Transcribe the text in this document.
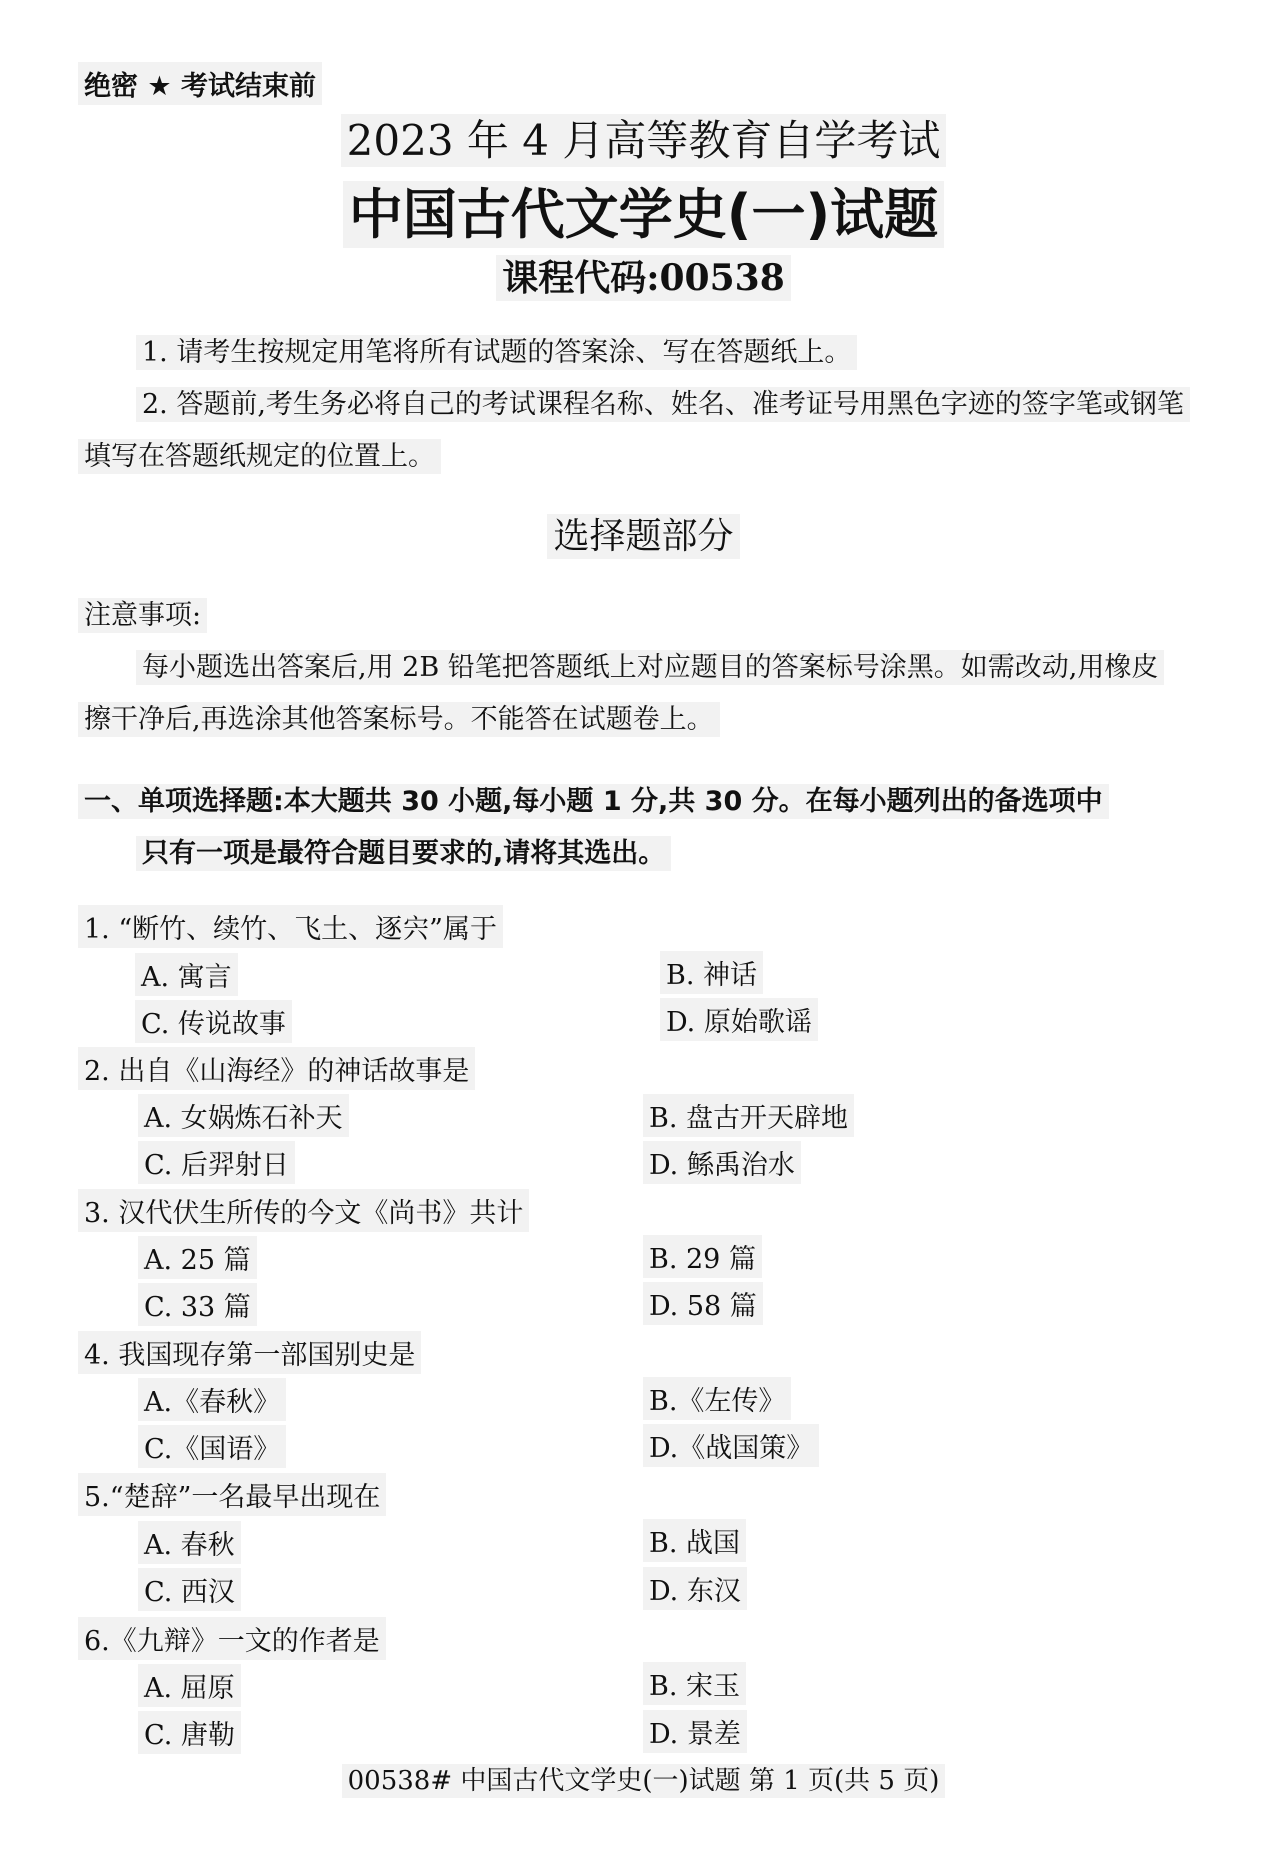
绝密 ★ 考试结束前
2023 年 4 月高等教育自学考试
中国古代文学史(一)试题
课程代码:00538
1. 请考生按规定用笔将所有试题的答案涂、写在答题纸上。
2. 答题前,考生务必将自己的考试课程名称、姓名、准考证号用黑色字迹的签字笔或钢笔
填写在答题纸规定的位置上。
选择题部分
注意事项:
每小题选出答案后,用 2B 铅笔把答题纸上对应题目的答案标号涂黑。如需改动,用橡皮
擦干净后,再选涂其他答案标号。不能答在试题卷上。
一、单项选择题:本大题共 30 小题,每小题 1 分,共 30 分。在每小题列出的备选项中
只有一项是最符合题目要求的,请将其选出。
1. “断竹、续竹、飞土、逐宍”属于
A. 寓言	B. 神话
C. 传说故事	D. 原始歌谣
2. 出自《山海经》的神话故事是
A. 女娲炼石补天	B. 盘古开天辟地
C. 后羿射日	D. 鲧禹治水
3. 汉代伏生所传的今文《尚书》共计
A. 25 篇	B. 29 篇
C. 33 篇	D. 58 篇
4. 我国现存第一部国别史是
A.《春秋》	B.《左传》
C.《国语》	D.《战国策》
5.“楚辞”一名最早出现在
A. 春秋	B. 战国
C. 西汉	D. 东汉
6.《九辩》一文的作者是
A. 屈原	B. 宋玉
C. 唐勒	D. 景差
00538# 中国古代文学史(一)试题 第 1 页(共 5 页)
